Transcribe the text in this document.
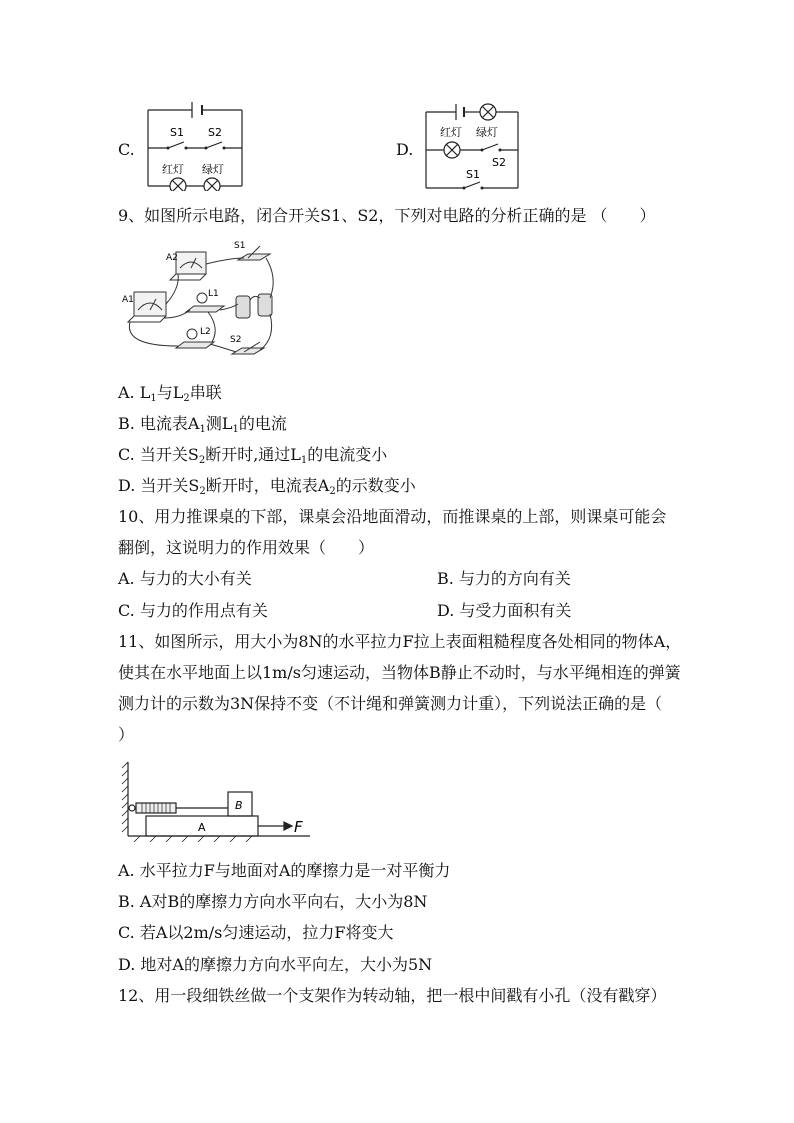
C.
S1 S2
红灯 绿灯
D.
红灯 绿灯
S2
S1
9、如图所示电路，闭合开关S1、S2，下列对电路的分析正确的是 （　　）
A2
A1
S1
S2
L1
L2
A. $L_1$与$L_2$串联
B. 电流表$A_1$测$L_1$的电流
C. 当开关$S_2$断开时,通过$L_1$的电流变小
D. 当开关$S_2$断开时，电流表$A_2$的示数变小
10、用力推课桌的下部，课桌会沿地面滑动，而推课桌的上部，则课桌可能会
翻倒，这说明力的作用效果（　　）
A. 与力的大小有关	B. 与力的方向有关
C. 与力的作用点有关	D. 与受力面积有关
11、如图所示，用大小为8N的水平拉力F拉上表面粗糙程度各处相同的物体A，
使其在水平地面上以1m/s匀速运动，当物体B静止不动时，与水平绳相连的弹簧
测力计的示数为3N保持不变（不计绳和弹簧测力计重），下列说法正确的是（
）
B
A	F
A. 水平拉力F与地面对A的摩擦力是一对平衡力
B. A对B的摩擦力方向水平向右，大小为8N
C. 若A以2m/s匀速运动，拉力F将变大
D. 地对A的摩擦力方向水平向左，大小为5N
12、用一段细铁丝做一个支架作为转动轴，把一根中间戳有小孔（没有戳穿）
